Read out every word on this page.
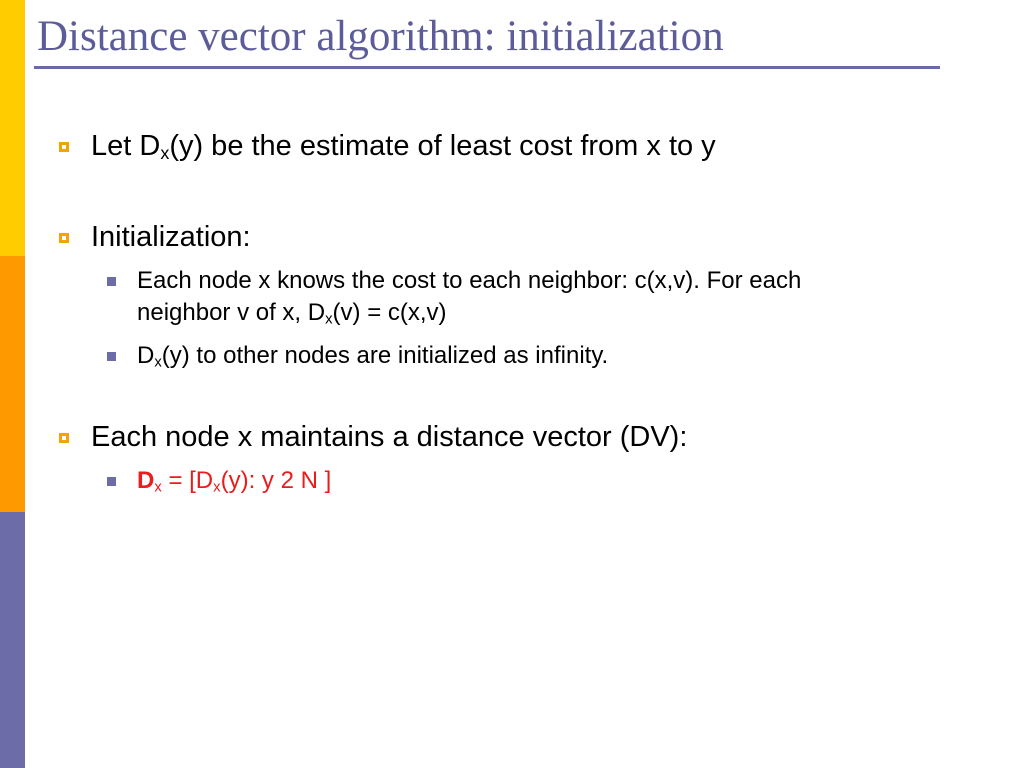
Distance vector algorithm: initialization
Let $D_x(y)$ be the estimate of least cost from x to y
Initialization:
Each node x knows the cost to each neighbor: c(x,v). For each
neighbor v of x, $D_x(v) = c(x,v)$
$D_x(y)$ to other nodes are initialized as infinity.
Each node x maintains a distance vector (DV):
$D_x = [D_x(y)$: y 2 N ]
